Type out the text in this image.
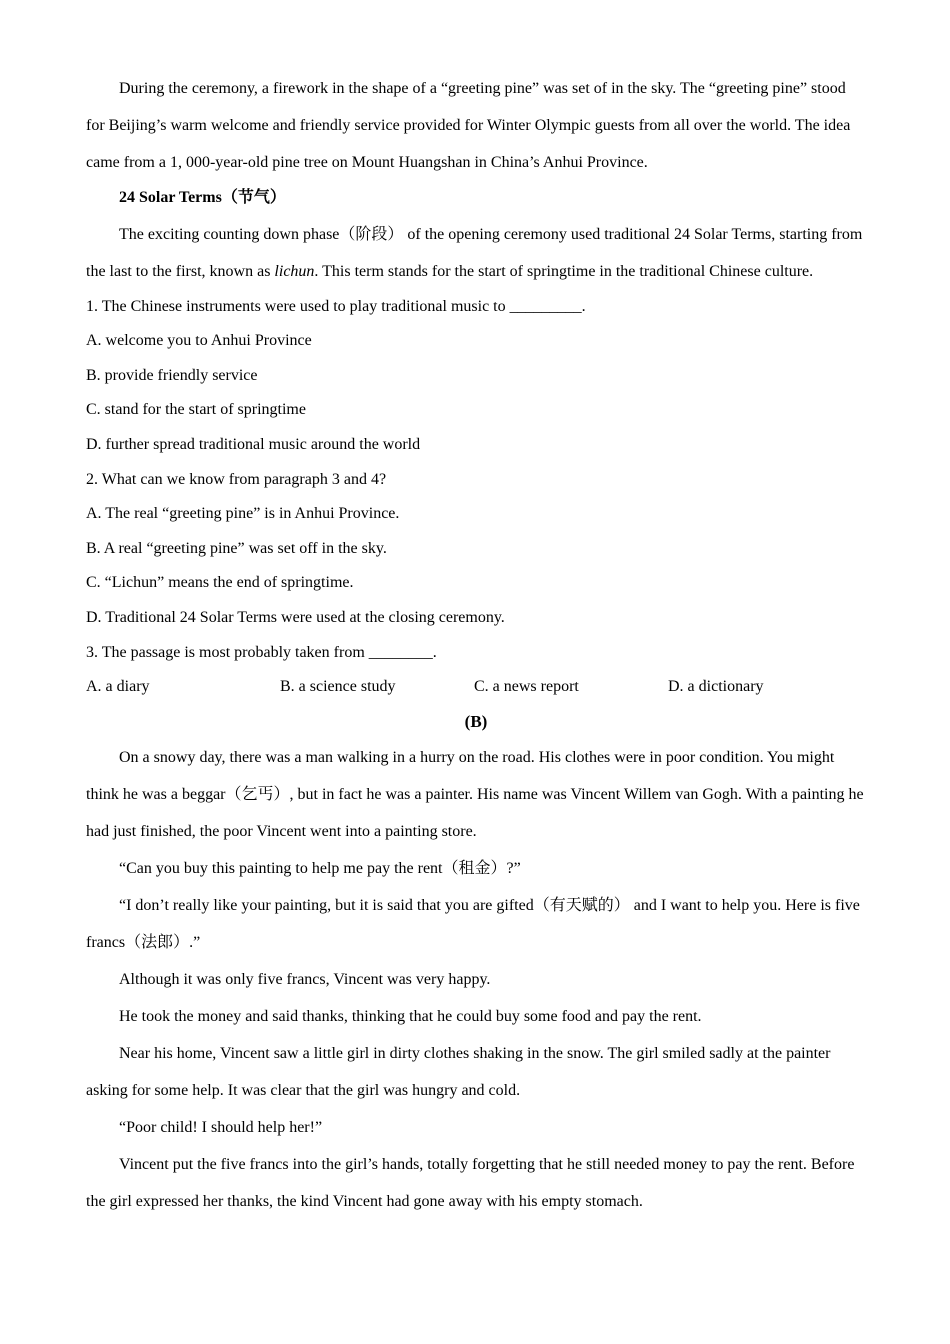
During the ceremony, a firework in the shape of a “greeting pine” was set of in the sky. The “greeting pine” stood for Beijing’s warm welcome and friendly service provided for Winter Olympic guests from all over the world. The idea came from a 1, 000-year-old pine tree on Mount Huangshan in China’s Anhui Province.

24 Solar Terms（节气）

The exciting counting down phase（阶段） of the opening ceremony used traditional 24 Solar Terms, starting from the last to the first, known as lichun. This term stands for the start of springtime in the traditional Chinese culture.

1. The Chinese instruments were used to play traditional music to _________.

A. welcome you to Anhui Province

B. provide friendly service

C. stand for the start of springtime

D. further spread traditional music around the world

2. What can we know from paragraph 3 and 4?

A. The real “greeting pine” is in Anhui Province.

B. A real “greeting pine” was set off in the sky.

C. “Lichun” means the end of springtime.

D. Traditional 24 Solar Terms were used at the closing ceremony.

3. The passage is most probably taken from ________.

A. a diary	B. a science study	C. a news report	D. a dictionary

(B)

On a snowy day, there was a man walking in a hurry on the road. His clothes were in poor condition. You might think he was a beggar（乞丐）, but in fact he was a painter. His name was Vincent Willem van Gogh. With a painting he had just finished, the poor Vincent went into a painting store.

“Can you buy this painting to help me pay the rent（租金）?”

“I don’t really like your painting, but it is said that you are gifted（有天赋的） and I want to help you. Here is five francs（法郎）.”

Although it was only five francs, Vincent was very happy.

He took the money and said thanks, thinking that he could buy some food and pay the rent.

Near his home, Vincent saw a little girl in dirty clothes shaking in the snow. The girl smiled sadly at the painter asking for some help. It was clear that the girl was hungry and cold.

“Poor child! I should help her!”

Vincent put the five francs into the girl’s hands, totally forgetting that he still needed money to pay the rent. Before the girl expressed her thanks, the kind Vincent had gone away with his empty stomach.
